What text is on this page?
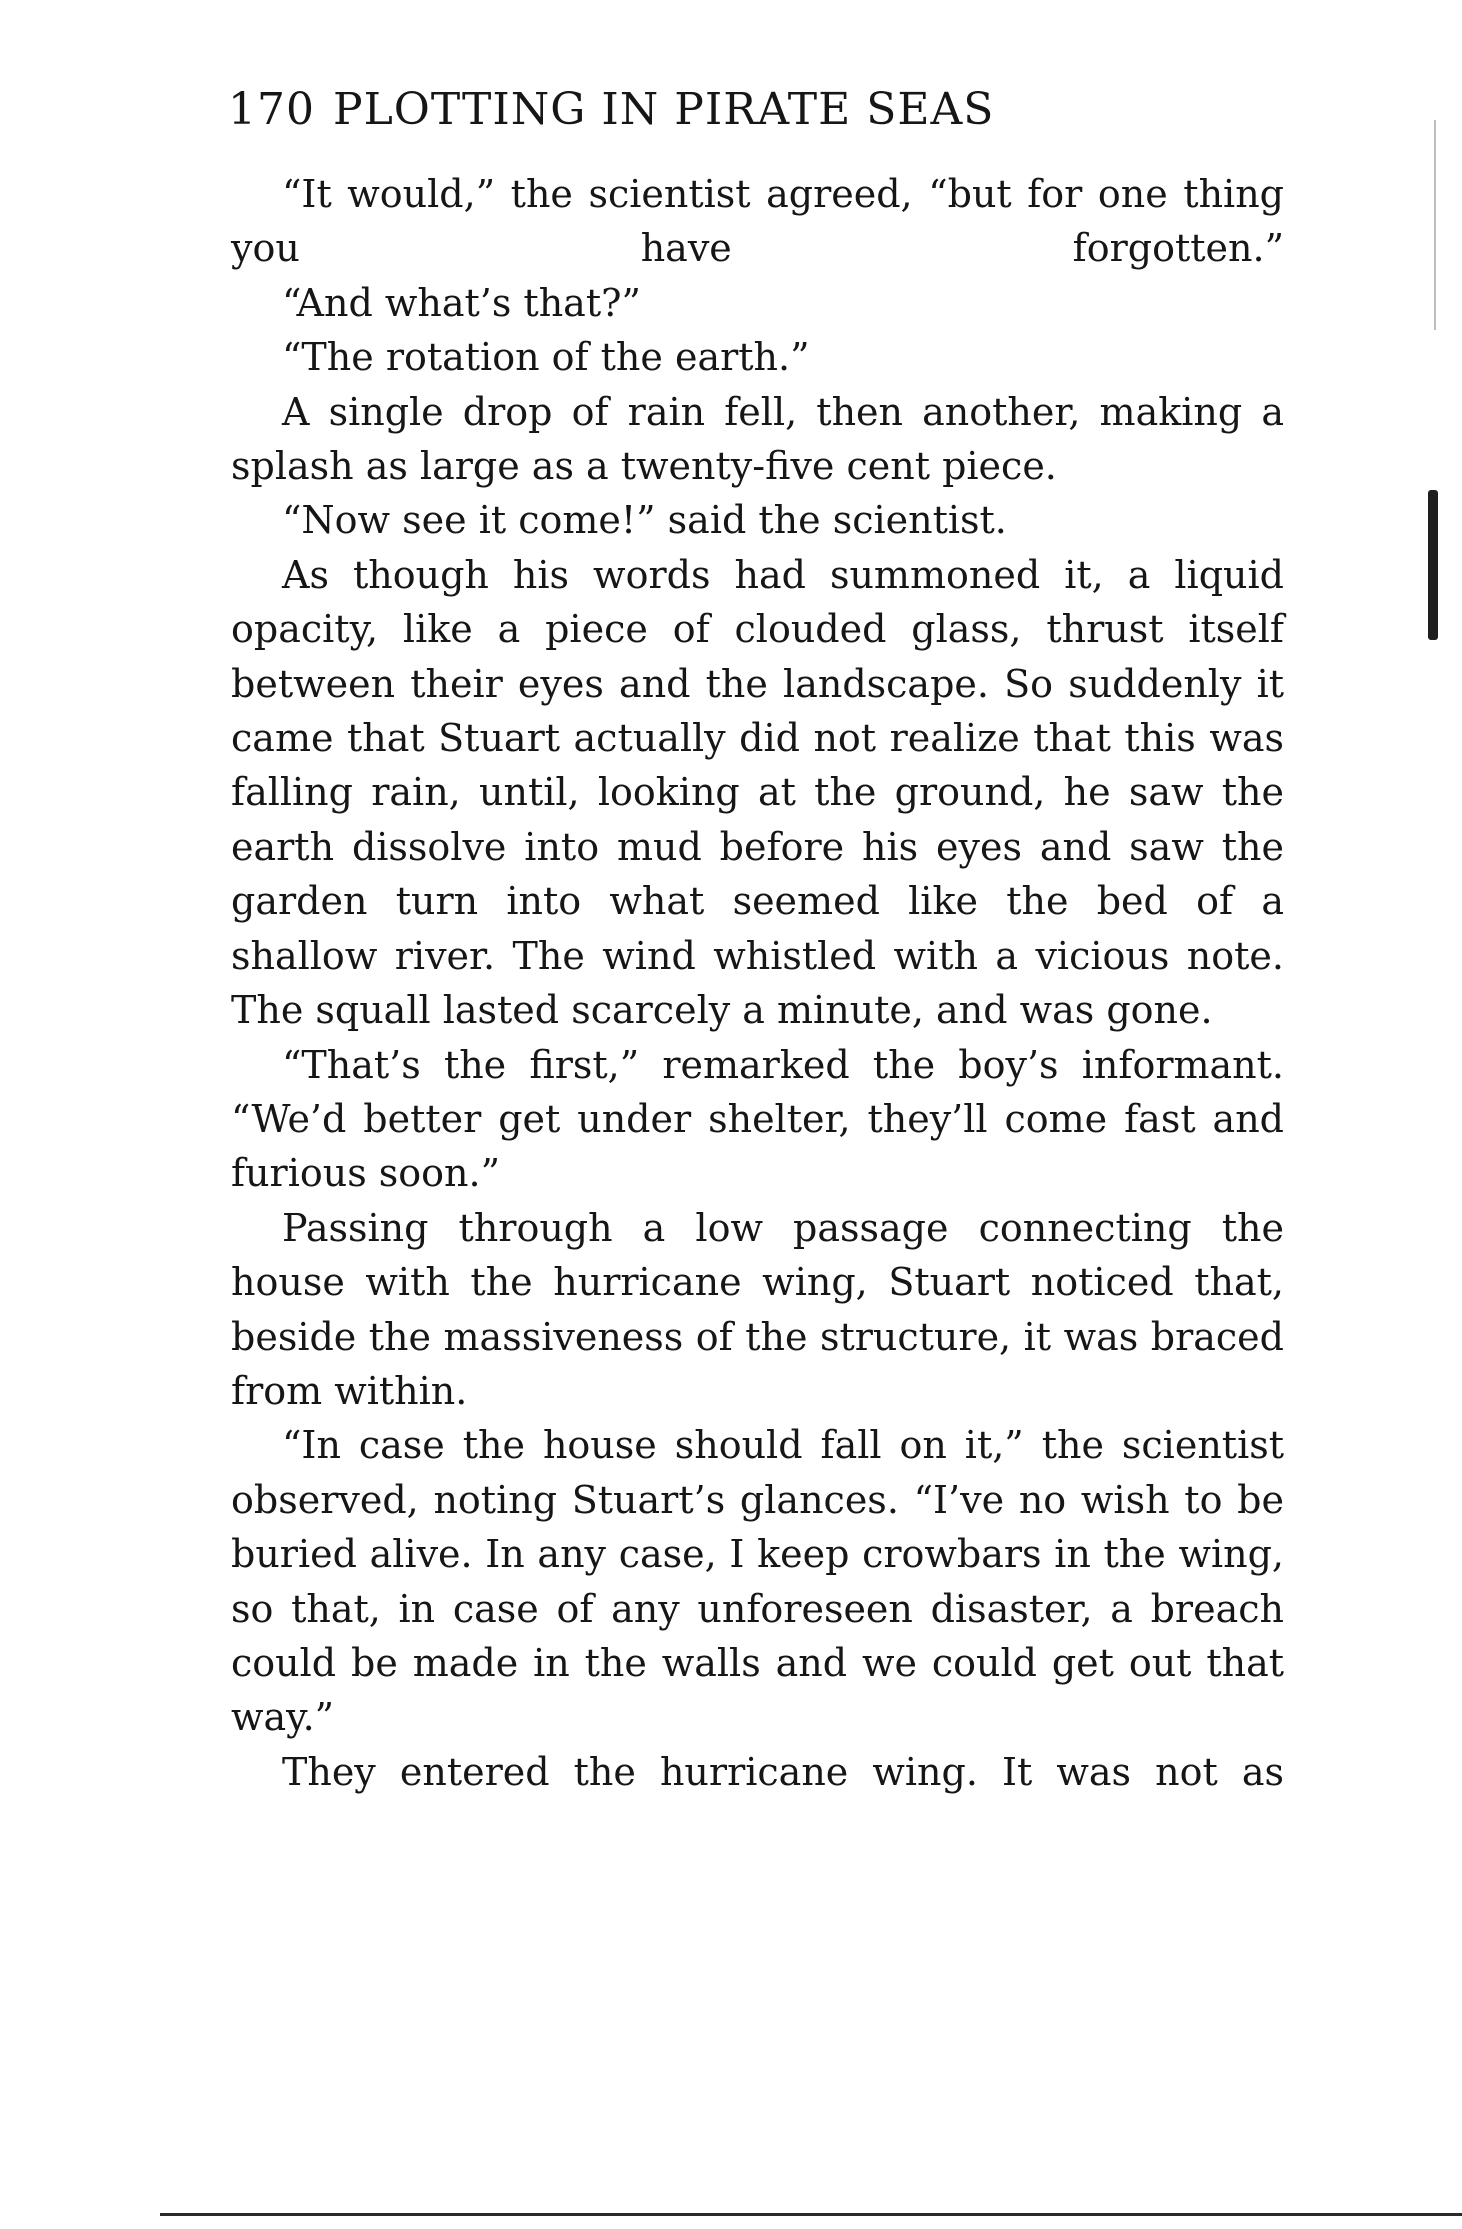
170 PLOTTING IN PIRATE SEAS

“It would,” the scientist agreed, “but for one thing you have forgotten.”

“And what’s that?”

“The rotation of the earth.”

A single drop of rain fell, then another, making a splash as large as a twenty-five cent piece.

“Now see it come!” said the scientist.

As though his words had summoned it, a liquid opacity, like a piece of clouded glass, thrust itself between their eyes and the landscape. So suddenly it came that Stuart actually did not realize that this was falling rain, until, looking at the ground, he saw the earth dissolve into mud before his eyes and saw the garden turn into what seemed like the bed of a shallow river. The wind whistled with a vicious note. The squall lasted scarcely a minute, and was gone.

“That’s the first,” remarked the boy’s informant. “We’d better get under shelter, they’ll come fast and furious soon.”

Passing through a low passage connecting the house with the hurricane wing, Stuart noticed that, beside the massiveness of the structure, it was braced from within.

“In case the house should fall on it,” the scientist observed, noting Stuart’s glances. “I’ve no wish to be buried alive. In any case, I keep crowbars in the wing, so that, in case of any unforeseen disaster, a breach could be made in the walls and we could get out that way.”

They entered the hurricane wing. It was not as
